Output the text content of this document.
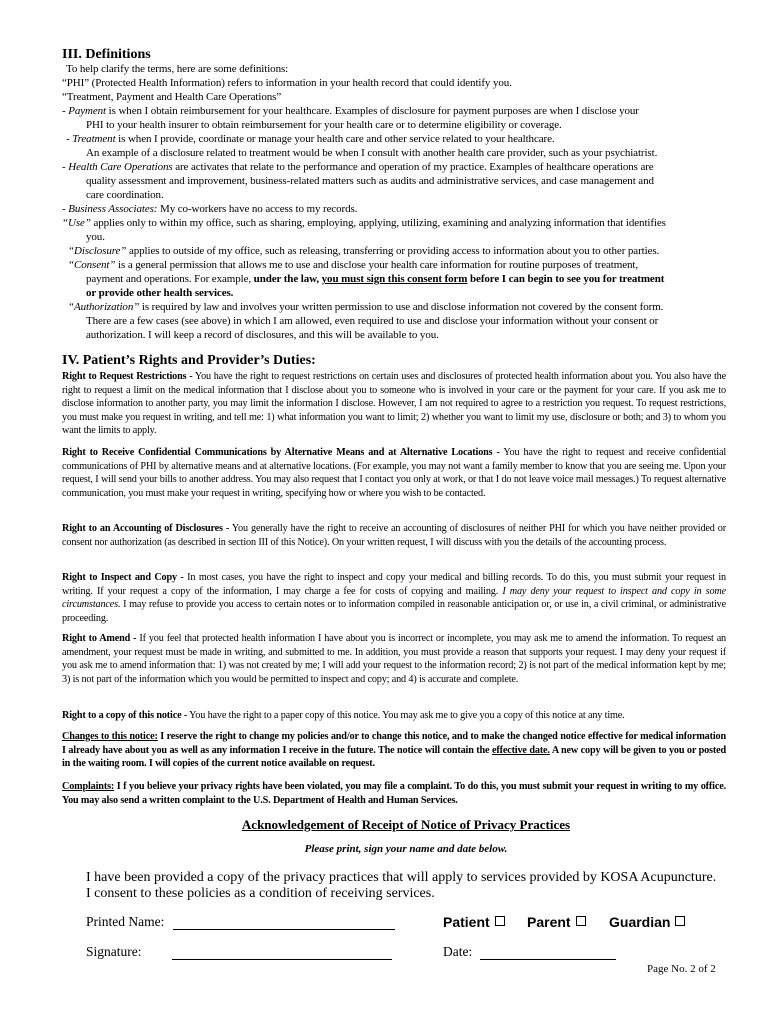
III. Definitions
To help clarify the terms, here are some definitions:
“PHI” (Protected Health Information) refers to information in your health record that could identify you.
“Treatment, Payment and Health Care Operations”
- Payment is when I obtain reimbursement for your healthcare. Examples of disclosure for payment purposes are when I disclose your
PHI to your health insurer to obtain reimbursement for your health care or to determine eligibility or coverage.
- Treatment is when I provide, coordinate or manage your health care and other service related to your healthcare.
An example of a disclosure related to treatment would be when I consult with another health care provider, such as your psychiatrist.
- Health Care Operations are activates that relate to the performance and operation of my practice. Examples of healthcare operations are
quality assessment and improvement, business-related matters such as audits and administrative services, and case management and
care coordination.
- Business Associates: My co-workers have no access to my records.
“Use” applies only to within my office, such as sharing, employing, applying, utilizing, examining and analyzing information that identifies
you.
“Disclosure” applies to outside of my office, such as releasing, transferring or providing access to information about you to other parties.
“Consent” is a general permission that allows me to use and disclose your health care information for routine purposes of treatment,
payment and operations. For example, under the law, you must sign this consent form before I can begin to see you for treatment
or provide other health services.
“Authorization” is required by law and involves your written permission to use and disclose information not covered by the consent form.
There are a few cases (see above) in which I am allowed, even required to use and disclose your information without your consent or
authorization. I will keep a record of disclosures, and this will be available to you.
IV. Patient’s Rights and Provider’s Duties:
Right to Request Restrictions - You have the right to request restrictions on certain uses and disclosures of protected health information about you. You also have the right to request a limit on the medical information that I disclose about you to someone who is involved in your care or the payment for your care. If you ask me to disclose information to another party, you may limit the information I disclose. However, I am not required to agree to a restriction you request. To request restrictions, you must make you request in writing, and tell me: 1) what information you want to limit; 2) whether you want to limit my use, disclosure or both; and 3) to whom you want the limits to apply.
Right to Receive Confidential Communications by Alternative Means and at Alternative Locations - You have the right to request and receive confidential communications of PHI by alternative means and at alternative locations. (For example, you may not want a family member to know that you are seeing me. Upon your request, I will send your bills to another address. You may also request that I contact you only at work, or that I do not leave voice mail messages.) To request alternative communication, you must make your request in writing, specifying how or where you wish to be contacted.
Right to an Accounting of Disclosures - You generally have the right to receive an accounting of disclosures of neither PHI for which you have neither provided or consent nor authorization (as described in section III of this Notice). On your written request, I will discuss with you the details of the accounting process.
Right to Inspect and Copy - In most cases, you have the right to inspect and copy your medical and billing records. To do this, you must submit your request in writing. If your request a copy of the information, I may charge a fee for costs of copying and mailing. I may deny your request to inspect and copy in some circumstances. I may refuse to provide you access to certain notes or to information compiled in reasonable anticipation or, or use in, a civil criminal, or administrative proceeding.
Right to Amend - If you feel that protected health information I have about you is incorrect or incomplete, you may ask me to amend the information. To request an amendment, your request must be made in writing, and submitted to me. In addition, you must provide a reason that supports your request. I may deny your request if you ask me to amend information that: 1) was not created by me; I will add your request to the information record; 2) is not part of the medical information kept by me; 3) is not part of the information which you would be permitted to inspect and copy; and 4) is accurate and complete.
Right to a copy of this notice - You have the right to a paper copy of this notice. You may ask me to give you a copy of this notice at any time.
Changes to this notice: I reserve the right to change my policies and/or to change this notice, and to make the changed notice effective for medical information I already have about you as well as any information I receive in the future. The notice will contain the effective date. A new copy will be given to you or posted in the waiting room. I will copies of the current notice available on request.
Complaints: I f you believe your privacy rights have been violated, you may file a complaint. To do this, you must submit your request in writing to my office. You may also send a written complaint to the U.S. Department of Health and Human Services.
Acknowledgement of Receipt of Notice of Privacy Practices
Please print, sign your name and date below.
I have been provided a copy of the privacy practices that will apply to services provided by KOSA Acupuncture.
I consent to these policies as a condition of receiving services.
Printed Name:	Patient	Parent	Guardian
Signature:	Date:
Page No. 2 of 2
